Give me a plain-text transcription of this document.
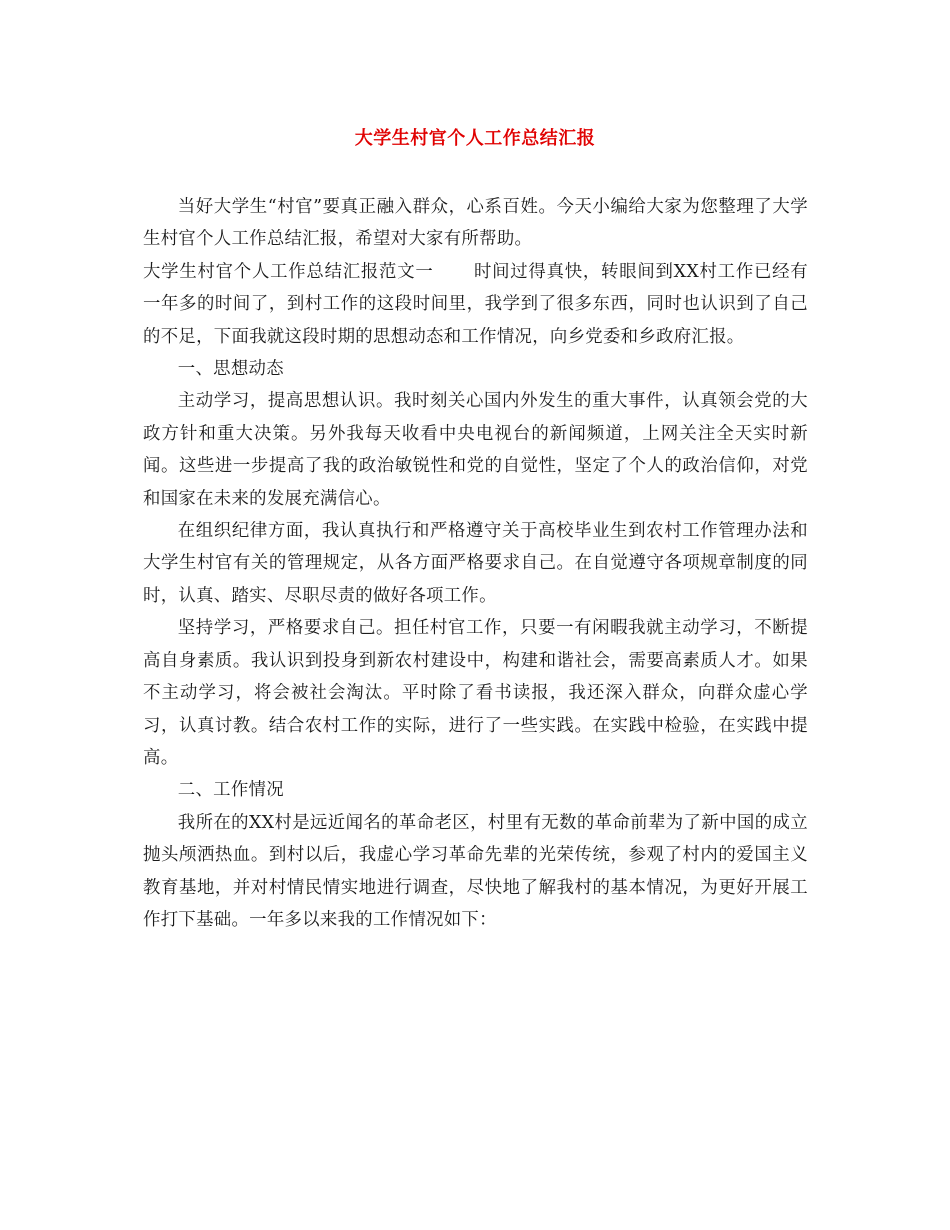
大学生村官个人工作总结汇报

当好大学生“村官”要真正融入群众，心系百姓。今天小编给大家为您整理了大学生村官个人工作总结汇报，希望对大家有所帮助。

大学生村官个人工作总结汇报范文一 时间过得真快，转眼间到XX村工作已经有一年多的时间了，到村工作的这段时间里，我学到了很多东西，同时也认识到了自己的不足，下面我就这段时期的思想动态和工作情况，向乡党委和乡政府汇报。

一、思想动态

主动学习，提高思想认识。我时刻关心国内外发生的重大事件，认真领会党的大政方针和重大决策。另外我每天收看中央电视台的新闻频道，上网关注全天实时新闻。这些进一步提高了我的政治敏锐性和党的自觉性，坚定了个人的政治信仰，对党和国家在未来的发展充满信心。

在组织纪律方面，我认真执行和严格遵守关于高校毕业生到农村工作管理办法和大学生村官有关的管理规定，从各方面严格要求自己。在自觉遵守各项规章制度的同时，认真、踏实、尽职尽责的做好各项工作。

坚持学习，严格要求自己。担任村官工作，只要一有闲暇我就主动学习，不断提高自身素质。我认识到投身到新农村建设中，构建和谐社会，需要高素质人才。如果不主动学习，将会被社会淘汰。平时除了看书读报，我还深入群众，向群众虚心学习，认真讨教。结合农村工作的实际，进行了一些实践。在实践中检验，在实践中提高。

二、工作情况

我所在的XX村是远近闻名的革命老区，村里有无数的革命前辈为了新中国的成立抛头颅洒热血。到村以后，我虚心学习革命先辈的光荣传统，参观了村内的爱国主义教育基地，并对村情民情实地进行调查，尽快地了解我村的基本情况，为更好开展工作打下基础。一年多以来我的工作情况如下：
